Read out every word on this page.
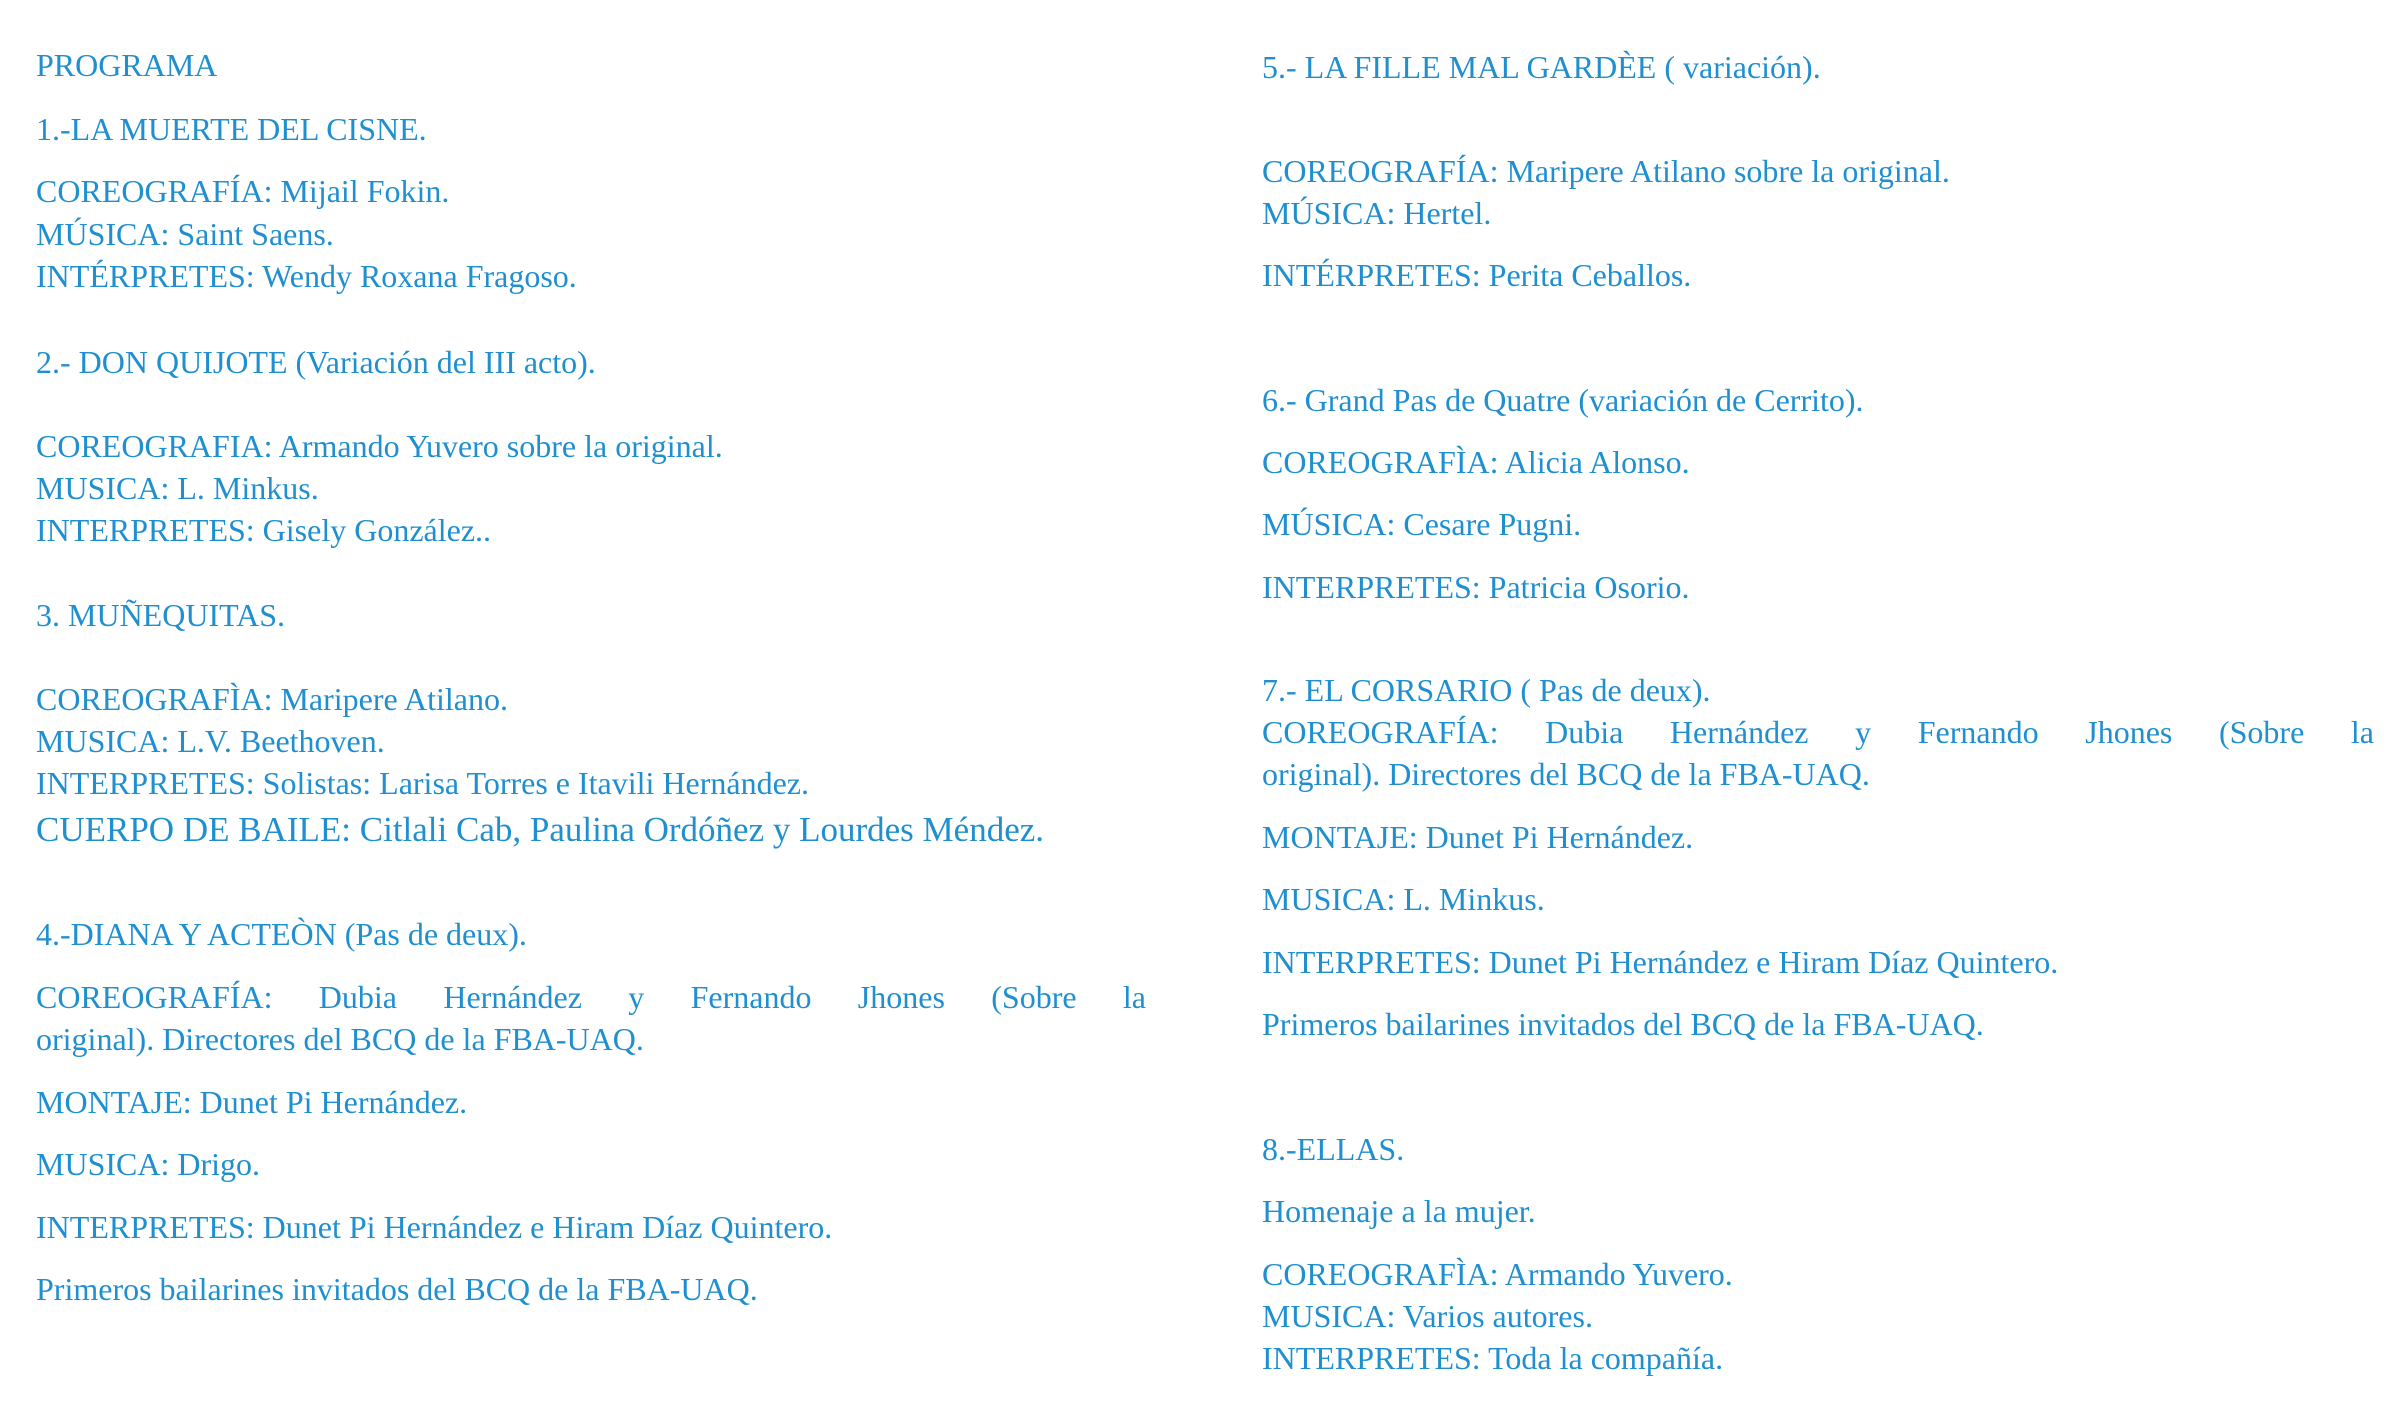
PROGRAMA
1.-LA MUERTE DEL CISNE.
COREOGRAFÍA: Mijail Fokin.
MÚSICA: Saint Saens.
INTÉRPRETES: Wendy Roxana Fragoso.
2.- DON QUIJOTE (Variación del III acto).
COREOGRAFIA: Armando Yuvero sobre la original.
MUSICA: L. Minkus.
INTERPRETES: Gisely González..
3. MUÑEQUITAS.
COREOGRAFÌA: Maripere Atilano.
MUSICA: L.V. Beethoven.
INTERPRETES: Solistas: Larisa Torres e Itavili Hernández.
CUERPO DE BAILE: Citlali Cab, Paulina Ordóñez y Lourdes Méndez.
4.-DIANA Y ACTEÒN (Pas de deux).
COREOGRAFÍA: Dubia Hernández y Fernando Jhones (Sobre la
original). Directores del BCQ de la FBA-UAQ.
MONTAJE: Dunet Pi Hernández.
MUSICA: Drigo.
INTERPRETES: Dunet Pi Hernández e Hiram Díaz Quintero.
Primeros bailarines invitados del BCQ de la FBA-UAQ.
5.- LA FILLE MAL GARDÈE ( variación).
COREOGRAFÍA: Maripere Atilano sobre la original.
MÚSICA: Hertel.
INTÉRPRETES: Perita Ceballos.
6.- Grand Pas de Quatre (variación de Cerrito).
COREOGRAFÌA: Alicia Alonso.
MÚSICA: Cesare Pugni.
INTERPRETES: Patricia Osorio.
7.- EL CORSARIO ( Pas de deux).
COREOGRAFÍA: Dubia Hernández y Fernando Jhones (Sobre la
original). Directores del BCQ de la FBA-UAQ.
MONTAJE: Dunet Pi Hernández.
MUSICA: L. Minkus.
INTERPRETES: Dunet Pi Hernández e Hiram Díaz Quintero.
Primeros bailarines invitados del BCQ de la FBA-UAQ.
8.-ELLAS.
Homenaje a la mujer.
COREOGRAFÌA: Armando Yuvero.
MUSICA: Varios autores.
INTERPRETES: Toda la compañía.
